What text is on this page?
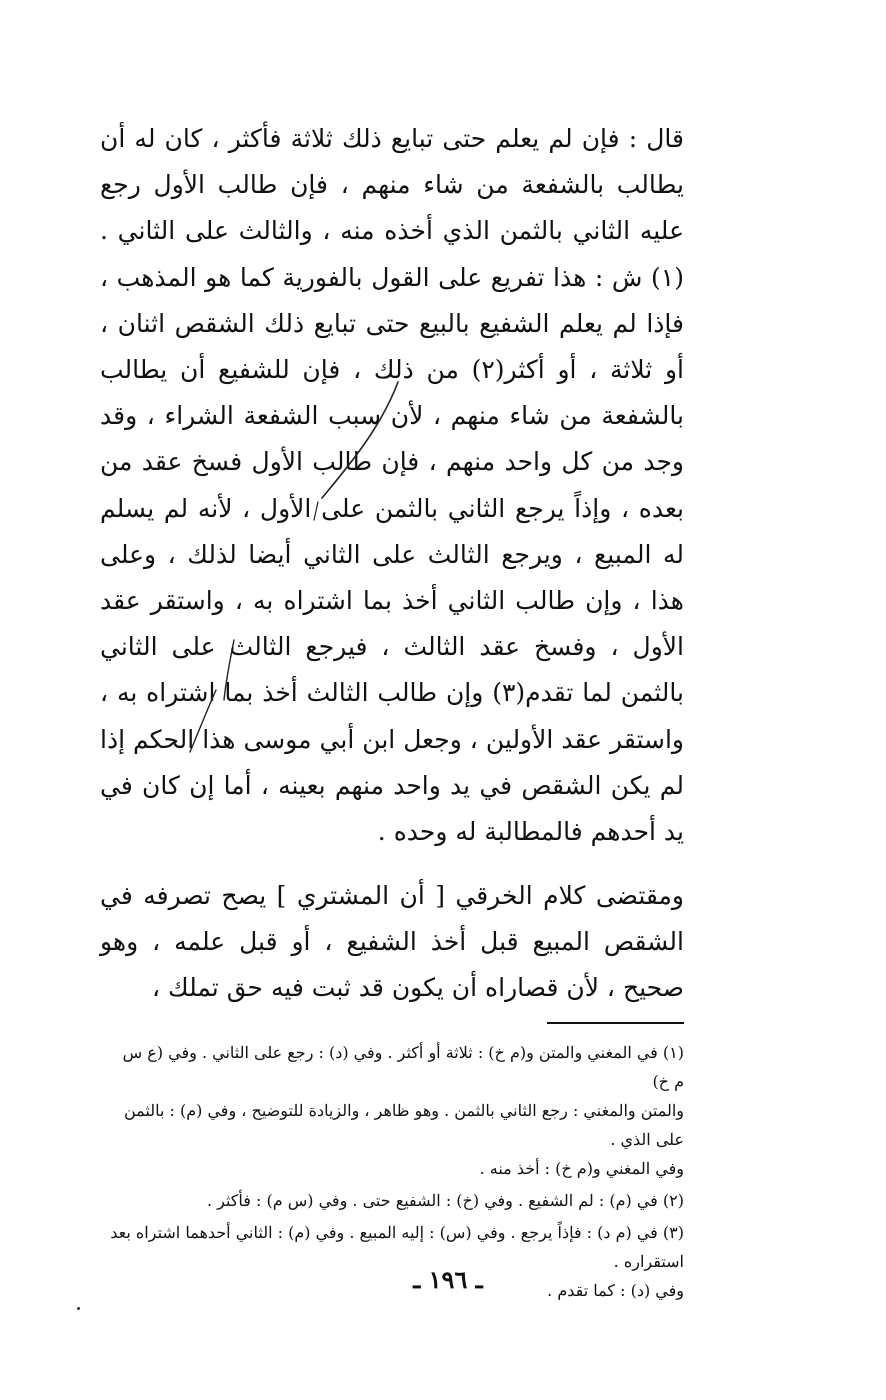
قال : فإن لم يعلم حتى تبايع ذلك ثلاثة فأكثر ، كان له أن يطالب بالشفعة من شاء منهم ، فإن طالب الأول رجع عليه الثاني بالثمن الذي أخذه منه ، والثالث على الثاني .(١) ش : هذا تفريع على القول بالفورية كما هو المذهب ، فإذا لم يعلم الشفيع بالبيع حتى تبايع ذلك الشقص اثنان ، أو ثلاثة ، أو أكثر(٢) من ذلك ، فإن للشفيع أن يطالب بالشفعة من شاء منهم ، لأن سبب الشفعة الشراء ، وقد وجد من كل واحد منهم ، فإن طالب الأول فسخ عقد من بعده ، وإذاً يرجع الثاني بالثمن على الأول ، لأنه لم يسلم له المبيع ، ويرجع الثالث على الثاني أيضا لذلك ، وعلى هذا ، وإن طالب الثاني أخذ بما اشتراه به ، واستقر عقد الأول ، وفسخ عقد الثالث ، فيرجع الثالث على الثاني بالثمن لما تقدم(٣) وإن طالب الثالث أخذ بما اشتراه به ، واستقر عقد الأولين ، وجعل ابن أبي موسى هذا الحكم إذا لم يكن الشقص في يد واحد منهم بعينه ، أما إن كان في يد أحدهم فالمطالبة له وحده .

ومقتضى كلام الخرقي [ أن المشتري ] يصح تصرفه في الشقص المبيع قبل أخذ الشفيع ، أو قبل علمه ، وهو صحيح ، لأن قصاراه أن يكون قد ثبت فيه حق تملك ،

(١) في المغني والمتن و(م خ) : ثلاثة أو أكثر . وفي (د) : رجع على الثاني . وفي (ع س م خ)

والمتن والمغني : رجع الثاني بالثمن . وهو ظاهر ، والزيادة للتوضيح ، وفي (م) : بالثمن على الذي .

وفي المغني و(م خ) : أخذ منه .

(٢) في (م) : لم الشفيع . وفي (خ) : الشفيع حتى . وفي (س م) : فأكثر .

(٣) في (م د) : فإذاً يرجع . وفي (س) : إليه المبيع . وفي (م) : الثاني أحدهما اشتراه بعد استقراره .

وفي (د) : كما تقدم .

ـ ١٩٦ ـ
